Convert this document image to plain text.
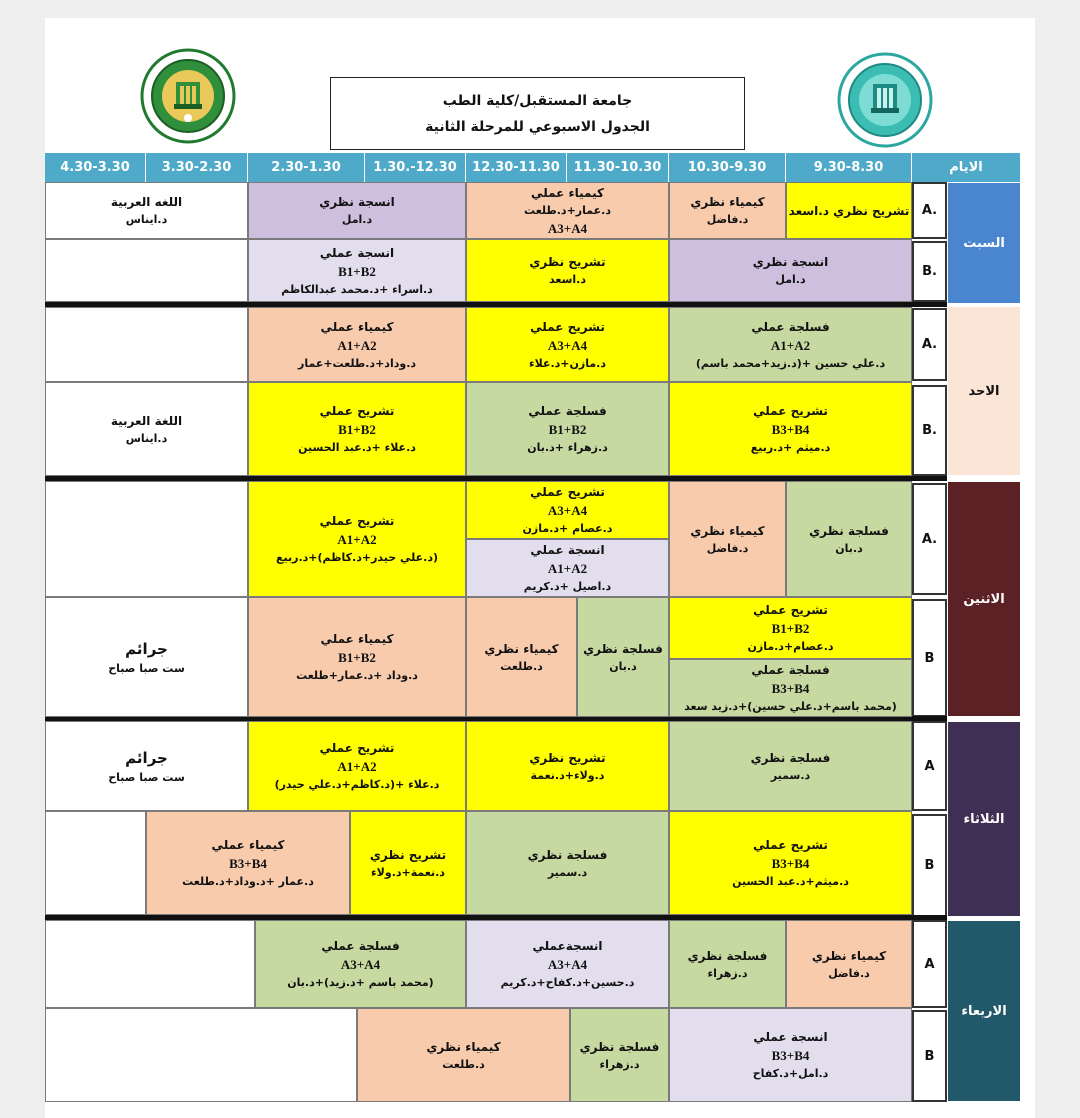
جامعة المستقبل/كلية الطب
الجدول الاسبوعي للمرحلة الثانية
الايام
9.30-8.30
10.30-9.30
11.30-10.30
12.30-11.30
1.30.-12.30
2.30-1.30
3.30-2.30
4.30-3.30
السبت
الاحد
الاثنين
الثلاثاء
الاربعاء
A.
B.
A.
B.
A.
B
A
B
A
B
تشريح نظري د.اسعد
كيمياء نظري
د.فاضل
كيمياء عملي
د.عمار+د.طلعت
A3+A4
انسجة نظري
د.امل
اللغه العربية
د.ايناس
انسجة نظري
د.امل
تشريح نظري
د.اسعد
انسجة عملي
B1+B2
د.اسراء +د.محمد عبدالكاظم
فسلجة عملي
A1+A2
د.علي حسين +(د.زيد+محمد باسم)
تشريح عملي
A3+A4
د.مازن+د.علاء
كيمياء عملي
A1+A2
د.وداد+د.طلعت+عمار
تشريح عملي
B3+B4
د.ميثم +د.ربيع
فسلجة عملي
B1+B2
د.زهراء +د.بان
تشريح عملي
B1+B2
د.علاء +د.عبد الحسين
اللغة العربية
د.ايناس
فسلجة نظري
د.بان
كيمياء نظري
د.فاضل
تشريح عملي
A3+A4
د.عصام +د.مازن
انسجة عملي
A1+A2
د.اصيل +د.كريم
تشريح عملي
A1+A2
(د.علي حيدر+د.كاظم)+د.ربيع
تشريح عملي
B1+B2
د.عصام+د.مازن
فسلجة عملي
B3+B4
(محمد باسم+د.علي حسين)+د.زيد سعد
فسلجة نظري
د.بان
كيمياء نظري
د.طلعت
كيمياء عملي
B1+B2
د.وداد +د.عمار+طلعت
جرائم
ست صبا صباح
فسلجة نظري
د.سمير
تشريح نظري
د.ولاء+د.نعمة
تشريح عملي
A1+A2
د.علاء +(د.كاظم+د.علي حيدر)
جرائم
ست صبا صباح
تشريح عملي
B3+B4
د.ميثم+د.عبد الحسين
فسلجة نظري
د.سمير
تشريح نظري
د.نعمة+د.ولاء
كيمياء عملي
B3+B4
د.عمار +د.وداد+د.طلعت
كيمياء نظري
د.فاضل
فسلجة نظري
د.زهراء
انسجةعملي
A3+A4
د.حسين+د.كفاح+د.كريم
فسلجة عملي
A3+A4
(محمد باسم +د.زيد)+د.بان
انسجة عملي
B3+B4
د.امل+د.كفاح
فسلجة نظري
د.زهراء
كيمياء نظري
د.طلعت
